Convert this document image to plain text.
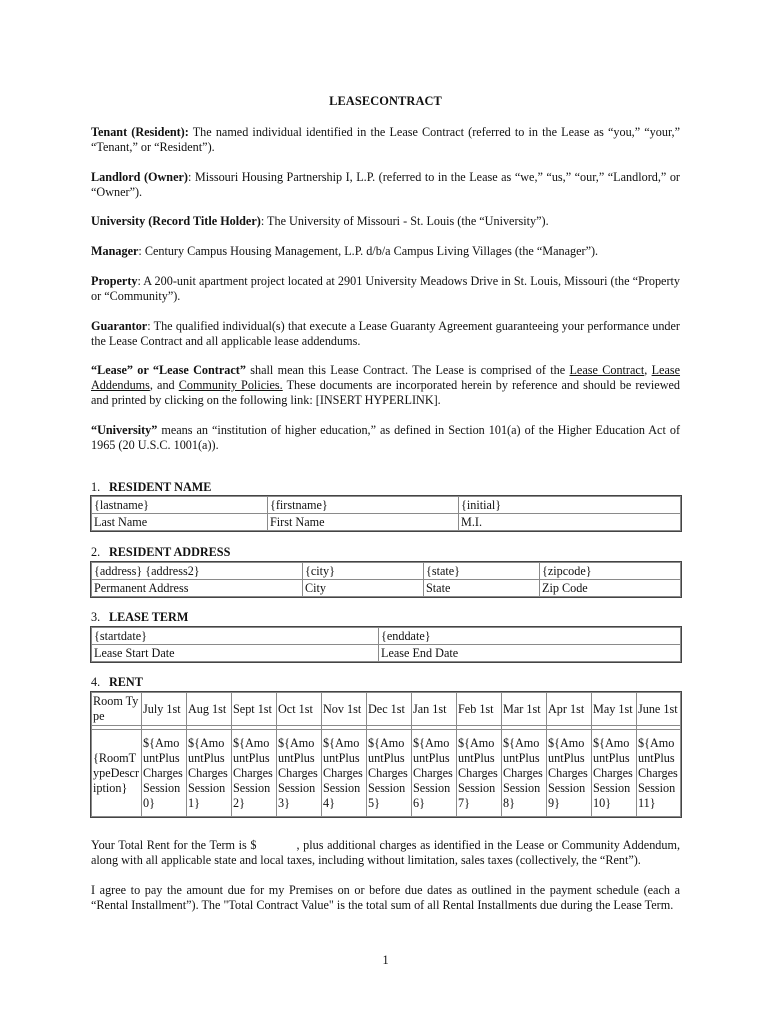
LEASECONTRACT
Tenant (Resident): The named individual identified in the Lease Contract (referred to in the Lease as “you,” “your,” “Tenant,” or “Resident”).
Landlord (Owner): Missouri Housing Partnership I, L.P. (referred to in the Lease as “we,” “us,” “our,” “Landlord,” or “Owner”).
University (Record Title Holder): The University of Missouri - St. Louis (the “University”).
Manager: Century Campus Housing Management, L.P. d/b/a Campus Living Villages (the “Manager”).
Property: A 200-unit apartment project located at 2901 University Meadows Drive in St. Louis, Missouri (the “Property or “Community”).
Guarantor: The qualified individual(s) that execute a Lease Guaranty Agreement guaranteeing your performance under the Lease Contract and all applicable lease addendums.
“Lease” or “Lease Contract” shall mean this Lease Contract. The Lease is comprised of the Lease Contract, Lease Addendums, and Community Policies. These documents are incorporated herein by reference and should be reviewed and printed by clicking on the following link: [INSERT HYPERLINK].
“University” means an “institution of higher education,” as defined in Section 101(a) of the Higher Education Act of 1965 (20 U.S.C. 1001(a)).
1. RESIDENT NAME
{lastname}	{firstname}	{initial}
Last Name	First Name	M.I.
2. RESIDENT ADDRESS
{address} {address2}	{city}	{state}	{zipcode}
Permanent Address	City	State	Zip Code
3. LEASE TERM
{startdate}	{enddate}
Lease Start Date	Lease End Date
4. RENT
Room Type	July 1st	Aug 1st	Sept 1st	Oct 1st	Nov 1st	Dec 1st	Jan 1st	Feb 1st	Mar 1st	Apr 1st	May 1st	June 1st

{RoomTypeDescription}	${AmountPlusCharges Session0}	${AmountPlusCharges Session1}	${AmountPlusCharges Session2}	${AmountPlusCharges Session3}	${AmountPlusCharges Session4}	${AmountPlusCharges Session5}	${AmountPlusCharges Session6}	${AmountPlusCharges Session7}	${AmountPlusCharges Session8}	${AmountPlusCharges Session9}	${AmountPlusCharges Session10}	${AmountPlusCharges Session11}
Your Total Rent for the Term is $	, plus additional charges as identified in the Lease or Community Addendum, along with all applicable state and local taxes, including without limitation, sales taxes (collectively, the “Rent”).
I agree to pay the amount due for my Premises on or before due dates as outlined in the payment schedule (each a “Rental Installment”). The "Total Contract Value" is the total sum of all Rental Installments due during the Lease Term.
1
